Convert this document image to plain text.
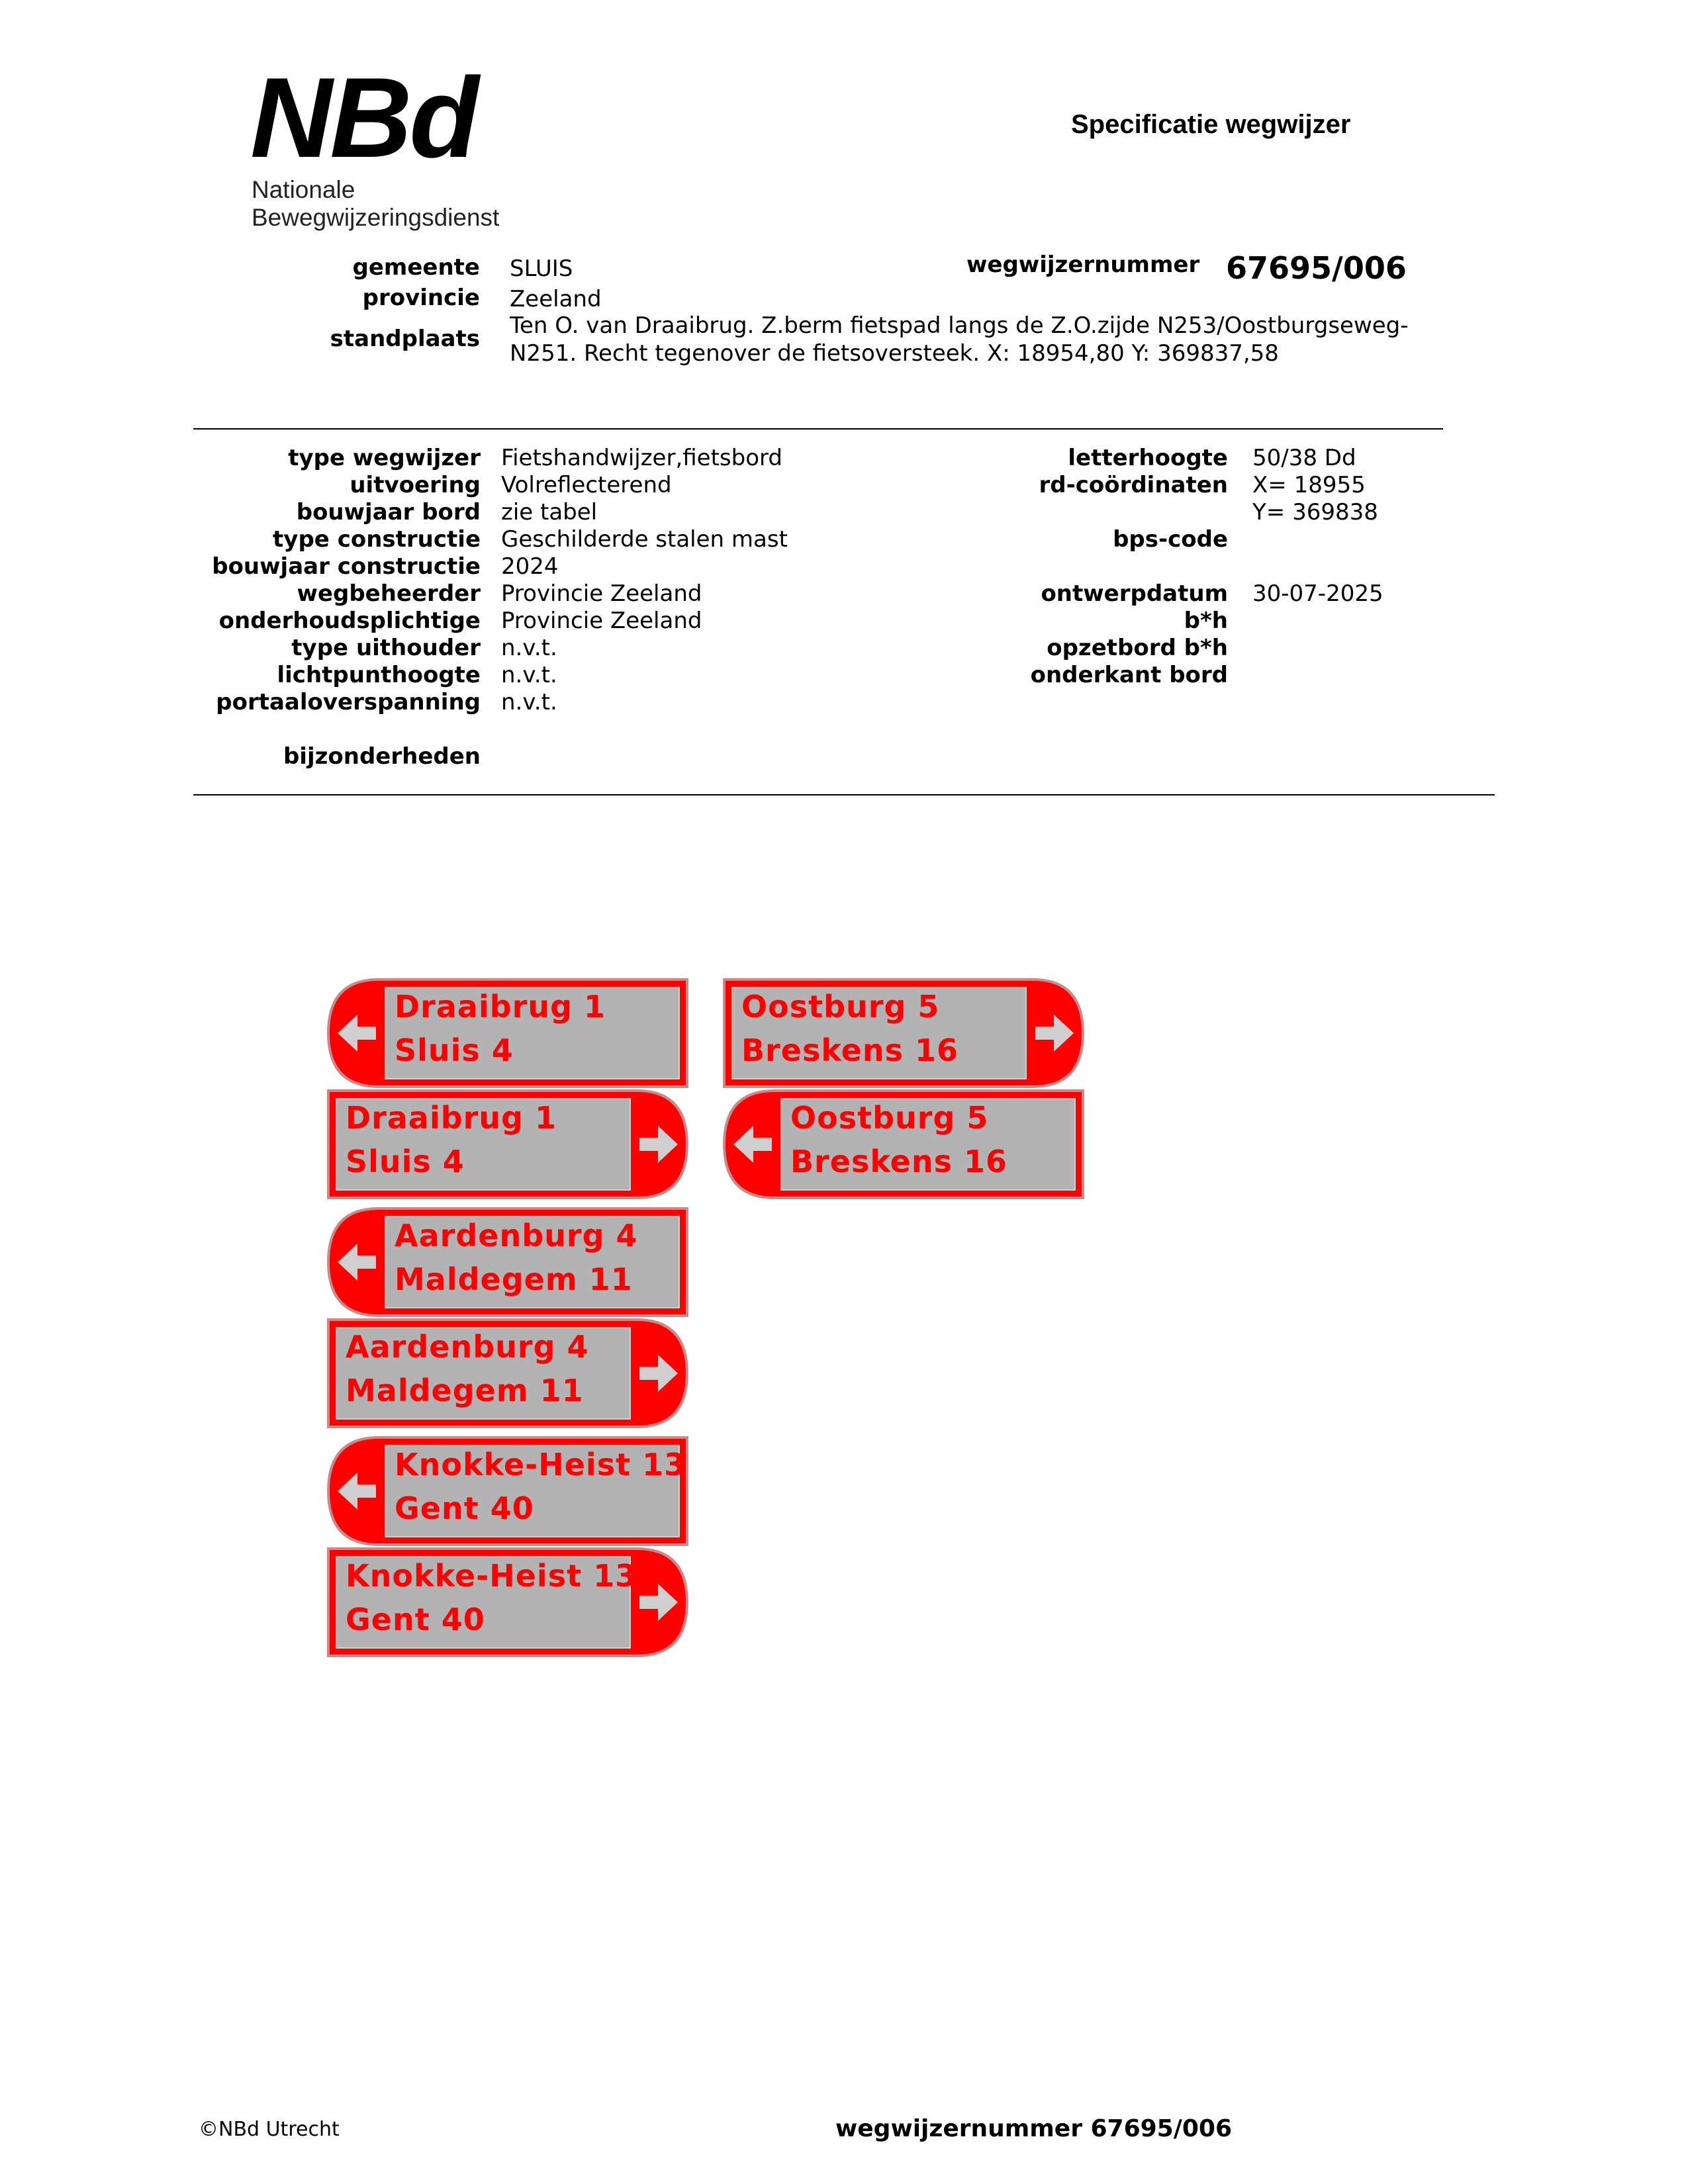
NBd
Nationale
Bewegwijzeringsdienst
Specificatie wegwijzer
gemeente SLUIS
provincie Zeeland
standplaats Ten O. van Draaibrug. Z.berm fietspad langs de Z.O.zijde N253/Oostburgseweg-
N251. Recht tegenover de fietsoversteek. X: 18954,80 Y: 369837,58
wegwijzernummer 67695/006
type wegwijzer Fietshandwijzer,fietsbord
uitvoering Volreflecterend
bouwjaar bord zie tabel
type constructie Geschilderde stalen mast
bouwjaar constructie 2024
wegbeheerder Provincie Zeeland
onderhoudsplichtige Provincie Zeeland
type uithouder n.v.t.
lichtpunthoogte n.v.t.
portaaloverspanning n.v.t.
bijzonderheden
letterhoogte 50/38 Dd
rd-coördinaten X= 18955
Y= 369838
bps-code
ontwerpdatum 30-07-2025
b*h
opzetbord b*h
onderkant bord
Draaibrug 1
Sluis 4
Draaibrug 1
Sluis 4
Aardenburg 4
Maldegem 11
Aardenburg 4
Maldegem 11
Knokke-Heist 13
Gent 40
Knokke-Heist 13
Gent 40
Oostburg 5
Breskens 16
Oostburg 5
Breskens 16
©NBd Utrecht	wegwijzernummer 67695/006
